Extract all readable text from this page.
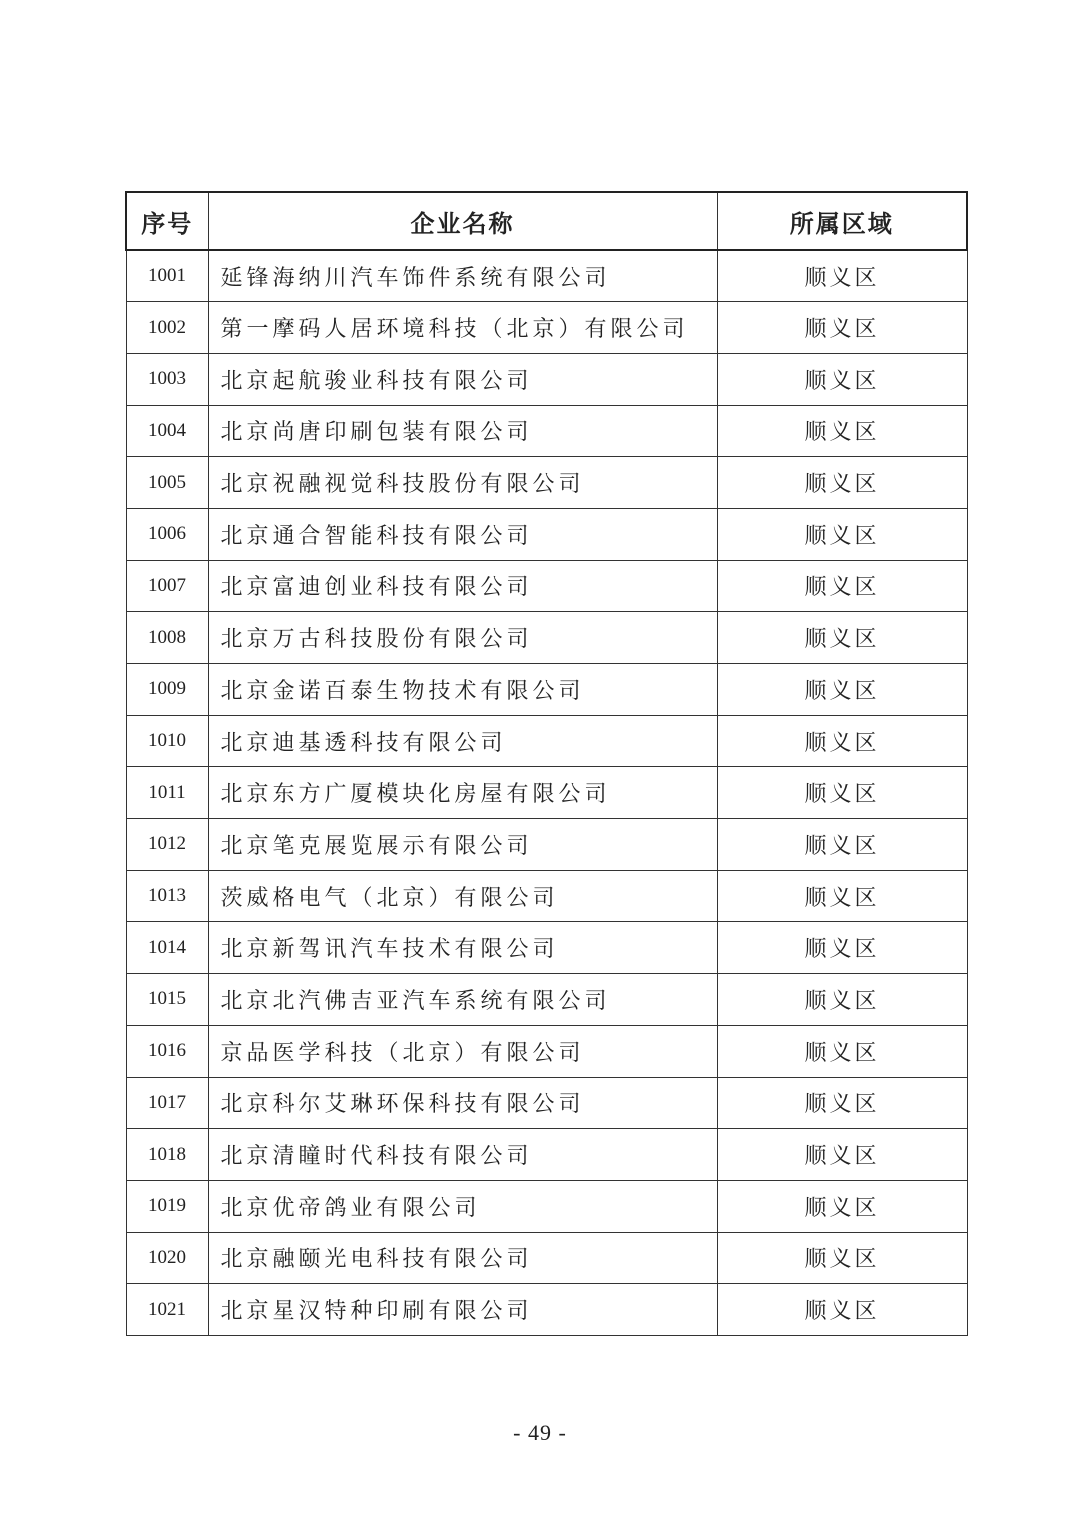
序号	企业名称	所属区域
1001	延锋海纳川汽车饰件系统有限公司	顺义区
1002	第一摩码人居环境科技（北京）有限公司	顺义区
1003	北京起航骏业科技有限公司	顺义区
1004	北京尚唐印刷包装有限公司	顺义区
1005	北京祝融视觉科技股份有限公司	顺义区
1006	北京通合智能科技有限公司	顺义区
1007	北京富迪创业科技有限公司	顺义区
1008	北京万古科技股份有限公司	顺义区
1009	北京金诺百泰生物技术有限公司	顺义区
1010	北京迪基透科技有限公司	顺义区
1011	北京东方广厦模块化房屋有限公司	顺义区
1012	北京笔克展览展示有限公司	顺义区
1013	茨威格电气（北京）有限公司	顺义区
1014	北京新驾讯汽车技术有限公司	顺义区
1015	北京北汽佛吉亚汽车系统有限公司	顺义区
1016	京品医学科技（北京）有限公司	顺义区
1017	北京科尔艾琳环保科技有限公司	顺义区
1018	北京清瞳时代科技有限公司	顺义区
1019	北京优帝鸽业有限公司	顺义区
1020	北京融颐光电科技有限公司	顺义区
1021	北京星汉特种印刷有限公司	顺义区
- 49 -
